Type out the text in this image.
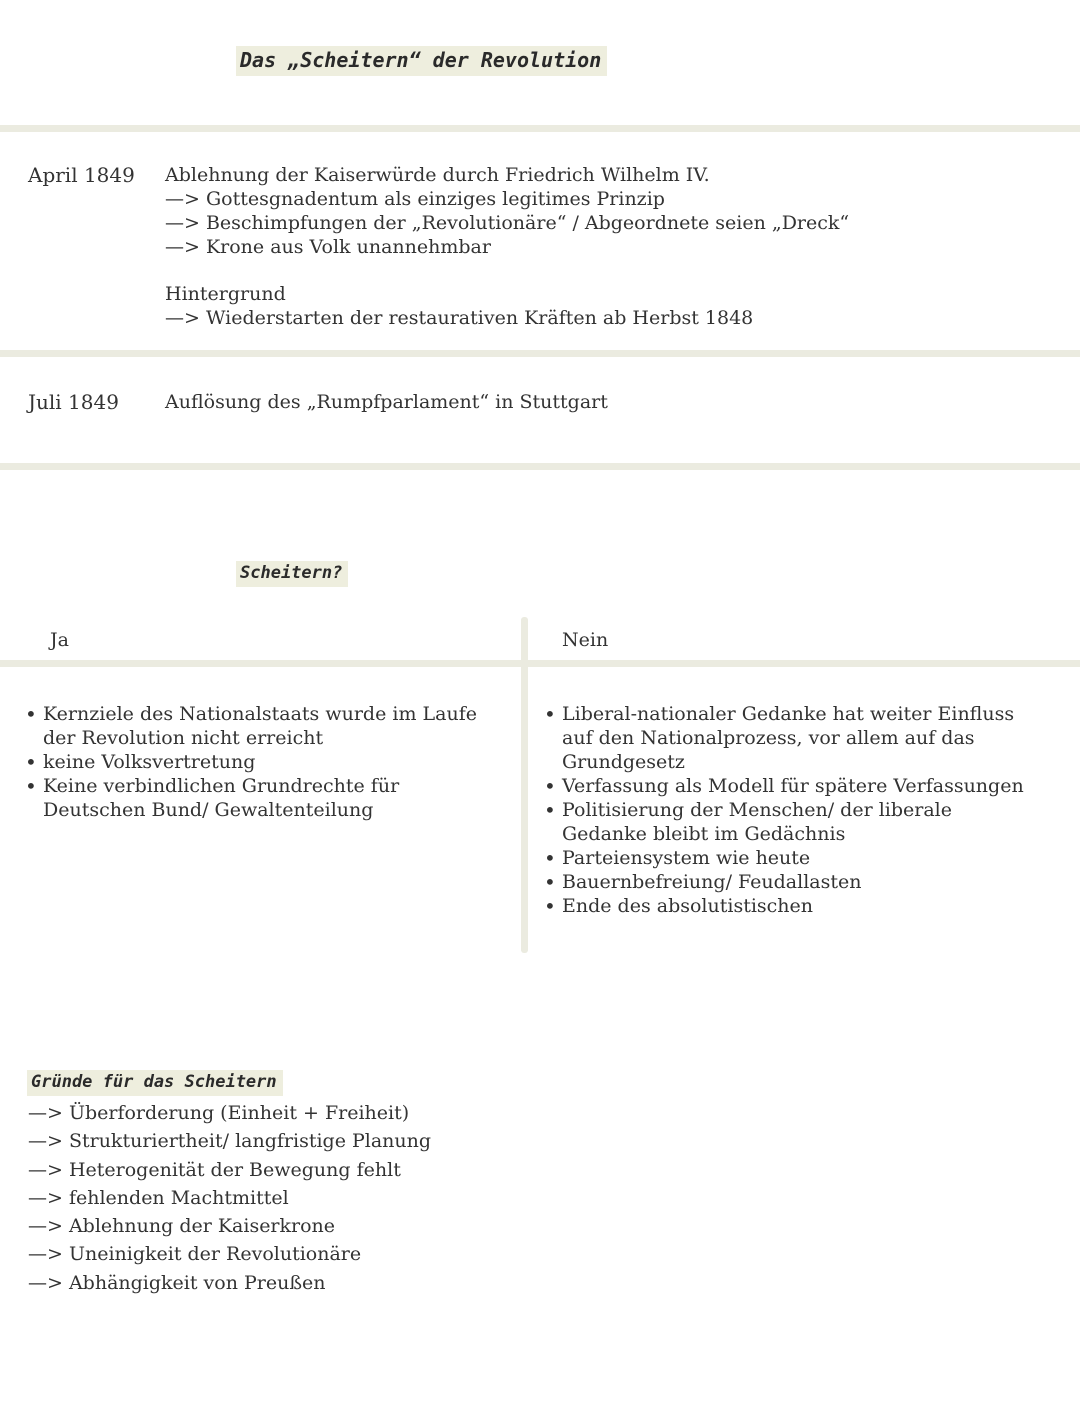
Das „Scheitern“ der Revolution
April 1849 Ablehnung der Kaiserwürde durch Friedrich Wilhelm IV.
—> Gottesgnadentum als einziges legitimes Prinzip
—> Beschimpfungen der „Revolutionäre“ / Abgeordnete seien „Dreck“
—> Krone aus Volk unannehmbar
Hintergrund
—> Wiederstarten der restaurativen Kräften ab Herbst 1848
Juli 1849 Auflösung des „Rumpfparlament“ in Stuttgart
Scheitern?
Ja	Nein
• Kernziele des Nationalstaats wurde im Laufe der Revolution nicht erreicht
• keine Volksvertretung
• Keine verbindlichen Grundrechte für Deutschen Bund/ Gewaltenteilung
• Liberal-nationaler Gedanke hat weiter Einfluss auf den Nationalprozess, vor allem auf das Grundgesetz
• Verfassung als Modell für spätere Verfassungen
• Politisierung der Menschen/ der liberale Gedanke bleibt im Gedächnis
• Parteiensystem wie heute
• Bauernbefreiung/ Feudallasten
• Ende des absolutistischen
Gründe für das Scheitern
—> Überforderung (Einheit + Freiheit)
—> Strukturiertheit/ langfristige Planung
—> Heterogenität der Bewegung fehlt
—> fehlenden Machtmittel
—> Ablehnung der Kaiserkrone
—> Uneinigkeit der Revolutionäre
—> Abhängigkeit von Preußen
